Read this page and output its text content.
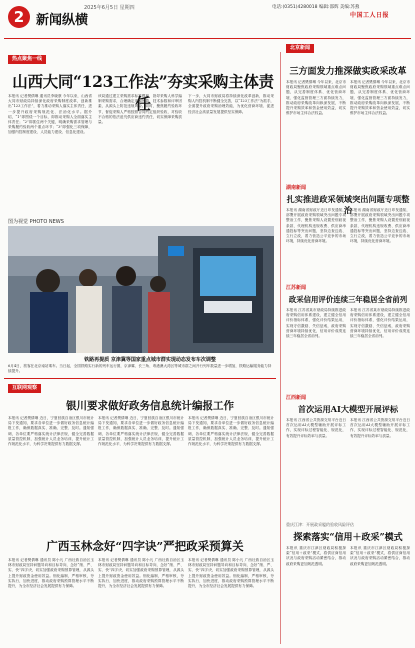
2 新闻纵横
2025年6月5日 星期四	电话:(0351)4280018 编辑:邵辉 美编:苏燕
中国工人日报
热点聚焦一线
山西大同“123工作法”夯实采购主体责任
本报讯 记者樊倩琳 通讯员李晓康 今年以来，山西省大同市财政局持续深化政府采购制度改革，创新推出“123工作法”，着力推动采购人落实主体责任，进一步提升政府采购规范化、法治化水平。据介绍，“1”即围绕一个目标，即推动采购人全面落实主体责任；“2”即抓住两个关键，明确采购需求管理与采购履约验收两个重点环节；“3”即强化三项保障，加强内控制度建设、人员能力建设、信息化建设。
该局通过建立采购需求标准模板，指导采购人科学编制采购需求，合理确定采购预算、技术参数和评审因素，从源头上防范违规风险。同时，聚焦履约验收环节，督促采购人严格按照合同约定组织验收，对验收不合格的依法追究供应商违约责任，切实保障采购质量。
下一步，大同市财政局将持续深化改革创新，推动采购人内控机制不断健全完善，以“123工作法”为抓手，全面提升政府采购治理效能，为优化营商环境、促进经济社会高质量发展提供坚实保障。
图为视觉 PHOTO NEWS
铁路再提质 京津冀等国家重点城市群实现动态发布车次调整
6月4日，旅客在北京南站乘车。当日起，全国铁路实行新的列车运行图，京津冀、长三角、粤港澳大湾区等城市群之间开行列车数量进一步增加，铁路运输服务能力持续提升。
互联网观察
银川要求做好政务信息统计编报工作
本报讯 记者樊倩琳 近日，宁夏回族自治区银川市统计局下发通知，要求各单位进一步做好政务信息统计编报工作，确保数据真实、准确、完整、及时。通知强调，各单位要严格落实统计法律法规，健全完善数据质量管控机制，加强统计人员业务培训，提升统计工作规范化水平，为科学决策提供有力数据支撑。
本报讯 记者樊倩琳 近日，宁夏回族自治区银川市统计局下发通知，要求各单位进一步做好政务信息统计编报工作，确保数据真实、准确、完整、及时。通知强调，各单位要严格落实统计法律法规，健全完善数据质量管控机制，加强统计人员业务培训，提升统计工作规范化水平，为科学决策提供有力数据支撑。
本报讯 记者樊倩琳 近日，宁夏回族自治区银川市统计局下发通知，要求各单位进一步做好政务信息统计编报工作，确保数据真实、准确、完整、及时。通知强调，各单位要严格落实统计法律法规，健全完善数据质量管控机制，加强统计人员业务培训，提升统计工作规范化水平，为科学决策提供有力数据支撑。
广西玉林念好“四字诀”严把政采预算关
本报讯 记者樊倩琳 通讯员 陈小凡 广西壮族自治区玉林市财政局坚持问题导向和目标导向，念好“细、严、实、快”四字诀，切实加强政府采购预算管理，从源头上提升财政资金使用效益。细化编制，严格审核，夯实执行，加快进度，推动政府采购预算管理水平不断提升，为全市经济社会发展提供有力保障。
本报讯 记者樊倩琳 通讯员 陈小凡 广西壮族自治区玉林市财政局坚持问题导向和目标导向，念好“细、严、实、快”四字诀，切实加强政府采购预算管理，从源头上提升财政资金使用效益。细化编制，严格审核，夯实执行，加快进度，推动政府采购预算管理水平不断提升，为全市经济社会发展提供有力保障。
本报讯 记者樊倩琳 通讯员 陈小凡 广西壮族自治区玉林市财政局坚持问题导向和目标导向，念好“细、严、实、快”四字诀，切实加强政府采购预算管理，从源头上提升财政资金使用效益。细化编制，严格审核，夯实执行，加快进度，推动政府采购预算管理水平不断提升，为全市经济社会发展提供有力保障。
北京新闻
三方面发力推深做实政采改革
本报讯 记者樊倩琳 今年以来，北京市财政局聚焦政府采购领域重点难点问题，从完善制度体系、优化营商环境、强化监督管理三方面持续发力，推动政府采购改革向纵深发展，不断提升采购效率和资金使用效益，切实维护市场主体合法权益。
本报讯 记者樊倩琳 今年以来，北京市财政局聚焦政府采购领域重点难点问题，从完善制度体系、优化营商环境、强化监督管理三方面持续发力，推动政府采购改革向纵深发展，不断提升采购效率和资金使用效益，切实维护市场主体合法权益。
湖南新闻
扎实推进政采领域突出问题专项整治
本报讯 湖南省财政厅近日印发通知，部署开展政府采购领域突出问题专项整治工作，聚焦采购人设置差别歧视条款、代理机构违规收费、供应商串通投标等突出问题，坚持边查边改、立行立改，着力营造公平竞争的市场环境，持续优化营商环境。
本报讯 湖南省财政厅近日印发通知，部署开展政府采购领域突出问题专项整治工作，聚焦采购人设置差别歧视条款、代理机构违规收费、供应商串通投标等突出问题，坚持边查边改、立行立改，着力营造公平竞争的市场环境，持续优化营商环境。
江苏新闻
政采信用评价连续三年稳居全省前列
本报讯 江苏省某市财政局持续推进政府采购信用体系建设，建立健全信用评价指标体系，强化评价结果运用，实现守信激励、失信惩戒，政府采购营商环境持续优化，信用评价成绩连续三年稳居全省前列。
本报讯 江苏省某市财政局持续推进政府采购信用体系建设，建立健全信用评价指标体系，强化评价结果运用，实现守信激励、失信惩戒，政府采购营商环境持续优化，信用评价成绩连续三年稳居全省前列。
江西新闻
首次运用AI大模型开展评标
本报讯 江西省公共资源交易平台近日首次运用AI大模型辅助开展评标工作，实现评标过程智能化、规范化，有效提升评标效率与质量。
本报讯 江西省公共资源交易平台近日首次运用AI大模型辅助开展评标工作，实现评标过程智能化、规范化，有效提升评标效率与质量。
重庆江津：开展政采履约验收风险评估
探索落实“信用＋政采”模式
本报讯 重庆市江津区财政局积极探索“信用＋政采”模式，将供应商信用状况与政府采购活动紧密结合，推动政府采购更加规范透明。
本报讯 重庆市江津区财政局积极探索“信用＋政采”模式，将供应商信用状况与政府采购活动紧密结合，推动政府采购更加规范透明。
